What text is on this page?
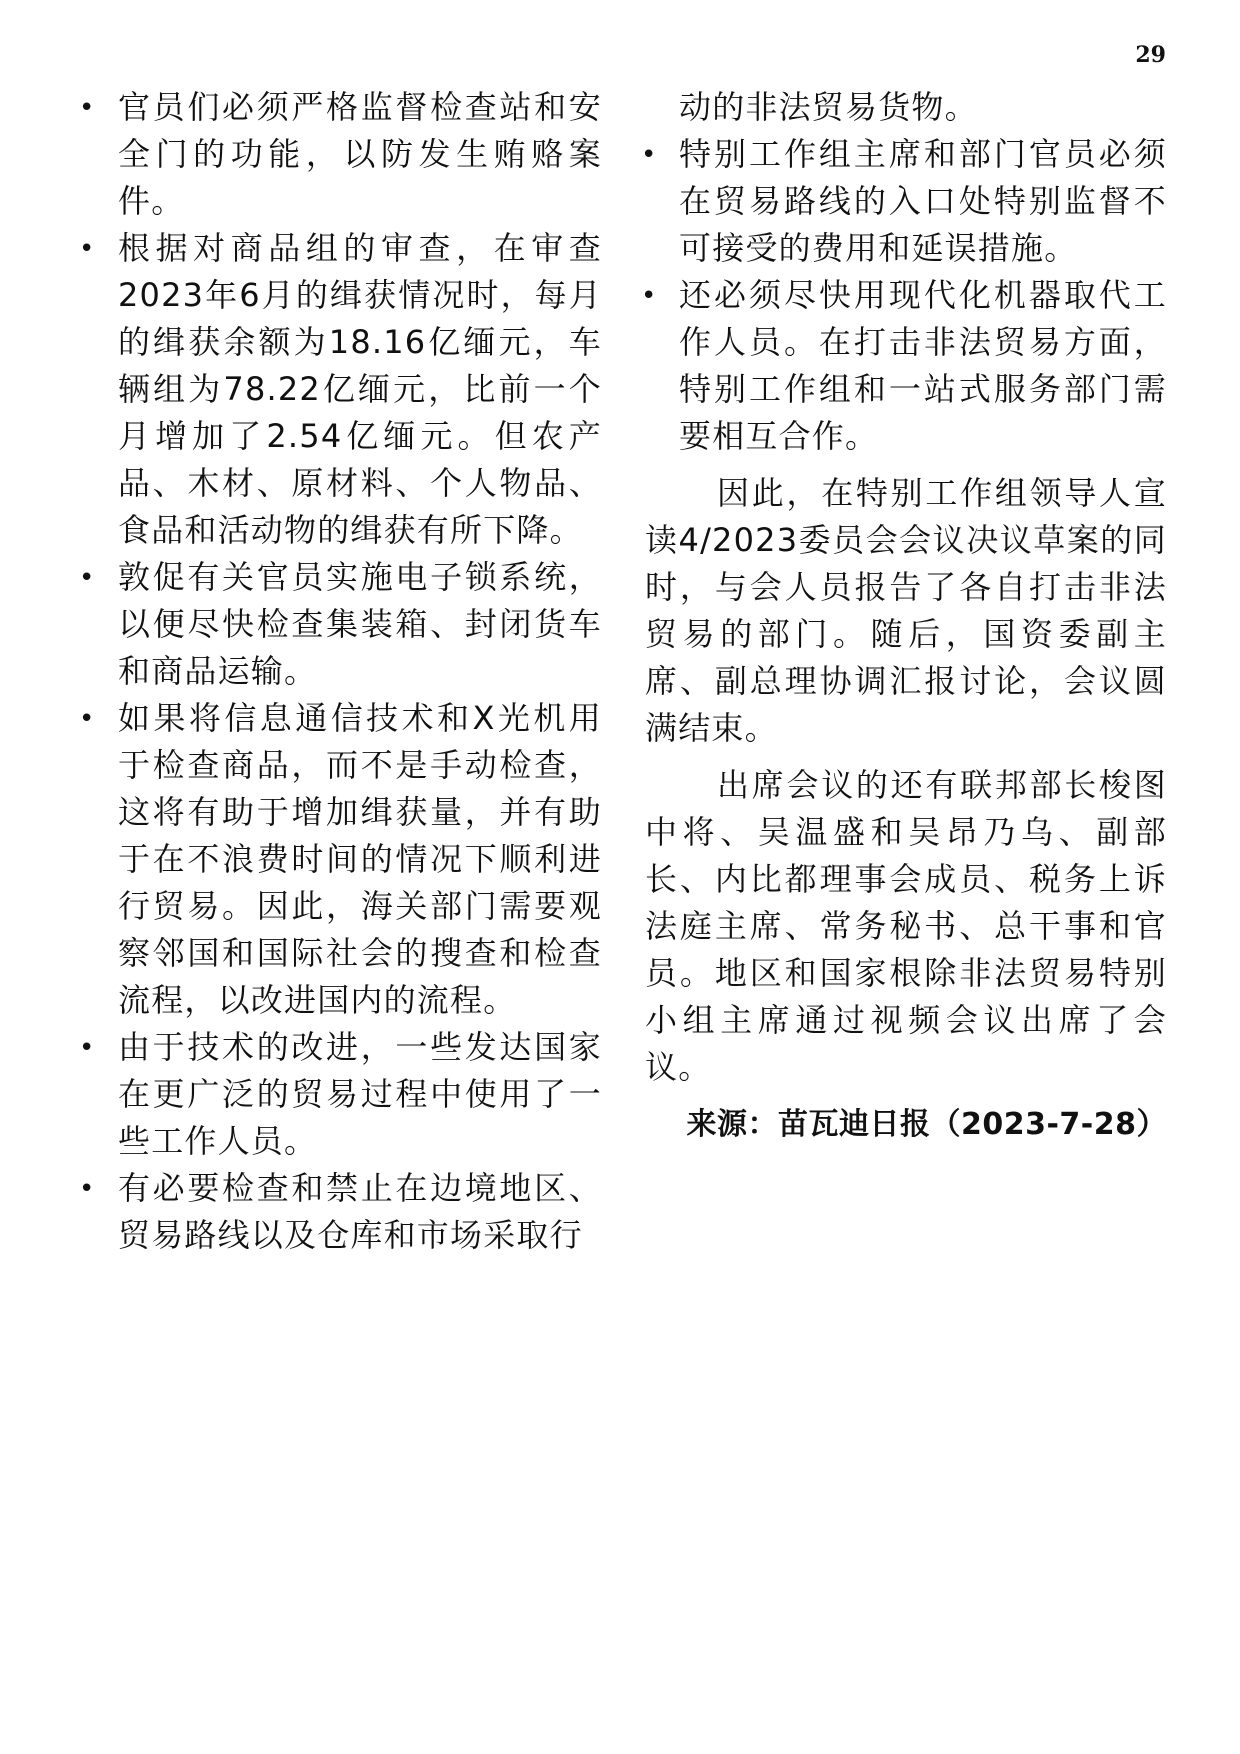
29
• 官员们必须严格监督检查站和安全门的功能，以防发生贿赂案件。
• 根据对商品组的审查，在审查2023年6月的缉获情况时，每月的缉获余额为18.16亿缅元，车辆组为78.22亿缅元，比前一个月增加了2.54亿缅元。但农产品、木材、原材料、个人物品、食品和活动物的缉获有所下降。
• 敦促有关官员实施电子锁系统，以便尽快检查集装箱、封闭货车和商品运输。
• 如果将信息通信技术和X光机用于检查商品，而不是手动检查，这将有助于增加缉获量，并有助于在不浪费时间的情况下顺利进行贸易。因此，海关部门需要观察邻国和国际社会的搜查和检查流程，以改进国内的流程。
• 由于技术的改进，一些发达国家在更广泛的贸易过程中使用了一些工作人员。
• 有必要检查和禁止在边境地区、贸易路线以及仓库和市场采取行

动的非法贸易货物。

• 特别工作组主席和部门官员必须在贸易路线的入口处特别监督不可接受的费用和延误措施。
• 还必须尽快用现代化机器取代工作人员。在打击非法贸易方面，特别工作组和一站式服务部门需要相互合作。

因此，在特别工作组领导人宣读4/2023委员会会议决议草案的同时，与会人员报告了各自打击非法贸易的部门。随后，国资委副主席、副总理协调汇报讨论，会议圆满结束。

出席会议的还有联邦部长梭图中将、吴温盛和吴昂乃乌、副部长、内比都理事会成员、税务上诉法庭主席、常务秘书、总干事和官员。地区和国家根除非法贸易特别小组主席通过视频会议出席了会议。

来源：苗瓦迪日报（2023-7-28）
